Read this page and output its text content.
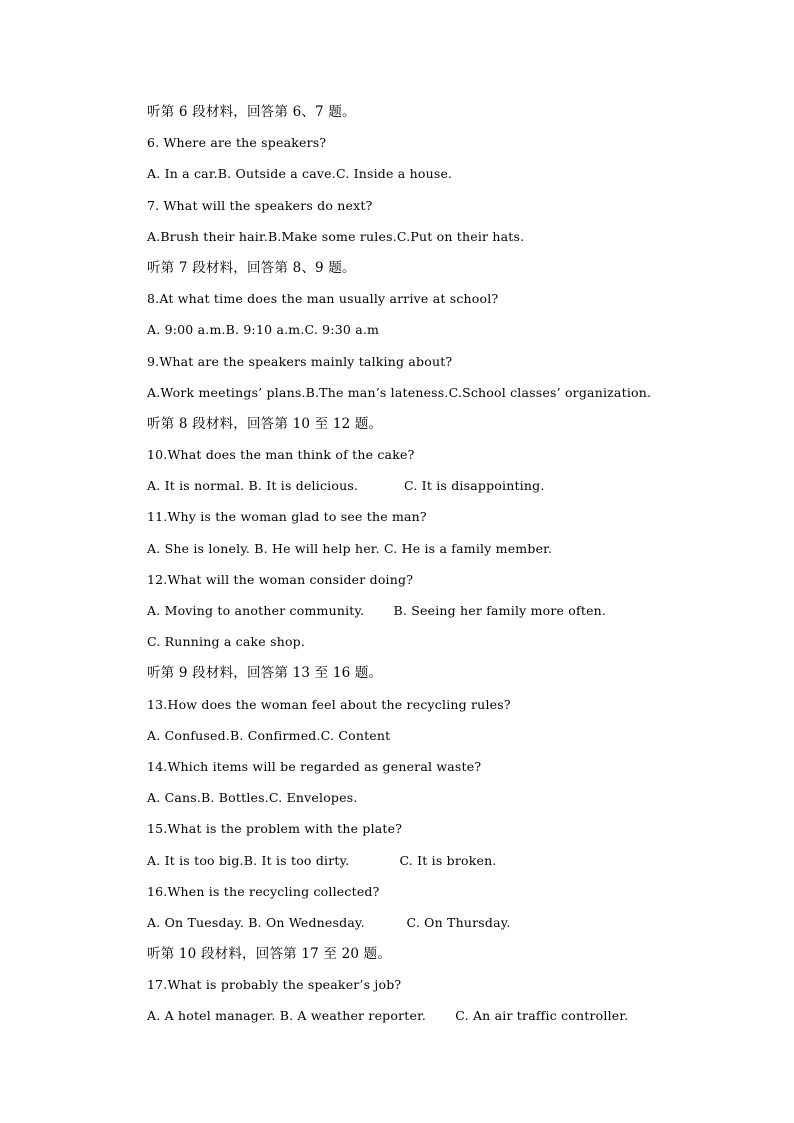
听第 6 段材料，回答第 6、7 题。
6. Where are the speakers?
A. In a car.B. Outside a cave.C. Inside a house.
7. What will the speakers do next?
A.Brush their hair.B.Make some rules.C.Put on their hats.
听第 7 段材料，回答第 8、9 题。
8.At what time does the man usually arrive at school?
A. 9:00 a.m.B. 9:10 a.m.C. 9:30 a.m
9.What are the speakers mainly talking about?
A.Work meetings’ plans.B.The man’s lateness.C.School classes’ organization.
听第 8 段材料，回答第 10 至 12 题。
10.What does the man think of the cake?
A. It is normal. B. It is delicious.           C. It is disappointing.
11.Why is the woman glad to see the man?
A. She is lonely. B. He will help her. C. He is a family member.
12.What will the woman consider doing?
A. Moving to another community.       B. Seeing her family more often.
C. Running a cake shop.
听第 9 段材料，回答第 13 至 16 题。
13.How does the woman feel about the recycling rules?
A. Confused.B. Confirmed.C. Content
14.Which items will be regarded as general waste?
A. Cans.B. Bottles.C. Envelopes.
15.What is the problem with the plate?
A. It is too big.B. It is too dirty.            C. It is broken.
16.When is the recycling collected?
A. On Tuesday. B. On Wednesday.          C. On Thursday.
听第 10 段材料，回答第 17 至 20 题。
17.What is probably the speaker’s job?
A. A hotel manager. B. A weather reporter.       C. An air traffic controller.
